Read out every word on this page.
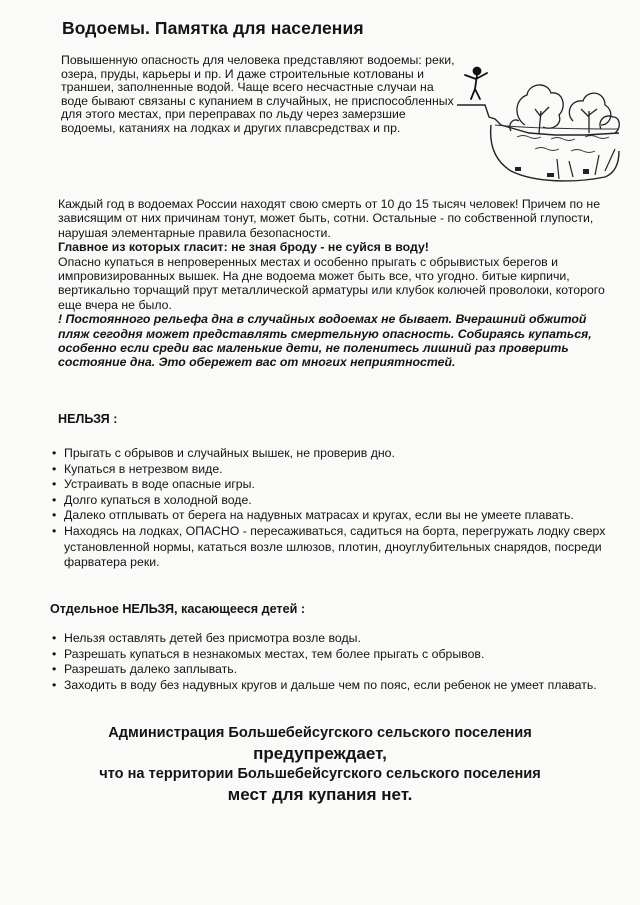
Водоемы. Памятка для населения
Повышенную опасность для человека представляют водоемы: реки, озера, пруды, карьеры и пр. И даже строительные котлованы и траншеи, заполненные водой. Чаще всего несчастные случаи на воде бывают связаны с купанием в случайных, не приспособленных для этого местах, при переправах по льду через замерзшие водоемы, катаниях на лодках и других плавсредствах и пр.

Каждый год в водоемах России находят свою смерть от 10 до 15 тысяч человек! Причем по не зависящим от них причинам тонут, может быть, сотни. Остальные - по собственной глупости, нарушая элементарные правила безопасности.

Главное из которых гласит: не зная броду - не суйся в воду!

Опасно купаться в непроверенных местах и особенно прыгать с обрывистых берегов и импровизированных вышек. На дне водоема может быть все, что угодно. битые кирпичи, вертикально торчащий прут металлической арматуры или клубок колючей проволоки, которого еще вчера не было.

! Постоянного рельефа дна в случайных водоемах не бывает. Вчерашний обжитой пляж сегодня может представлять смертельную опасность. Собираясь купаться, особенно если среди вас маленькие дети, не поленитесь лишний раз проверить состояние дна. Это обережет вас от многих неприятностей.

НЕЛЬЗЯ :
• Прыгать с обрывов и случайных вышек, не проверив дно.
• Купаться в нетрезвом виде.
• Устраивать в воде опасные игры.
• Долго купаться в холодной воде.
• Далеко отплывать от берега на надувных матрасах и кругах, если вы не умеете плавать.
• Находясь на лодках, ОПАСНО - пересаживаться, садиться на борта, перегружать лодку сверх установленной нормы, кататься возле шлюзов, плотин, дноуглубительных снарядов, посреди фарватера реки.
Отдельное НЕЛЬЗЯ, касающееся детей :
• Нельзя оставлять детей без присмотра возле воды.
• Разрешать купаться в незнакомых местах, тем более прыгать с обрывов.
• Разрешать далеко заплывать.
• Заходить в воду без надувных кругов и дальше чем по пояс, если ребенок не умеет плавать.
Администрация Большебейсугского сельского поселения
предупреждает,
что на территории Большебейсугского сельского поселения
мест для купания нет.
